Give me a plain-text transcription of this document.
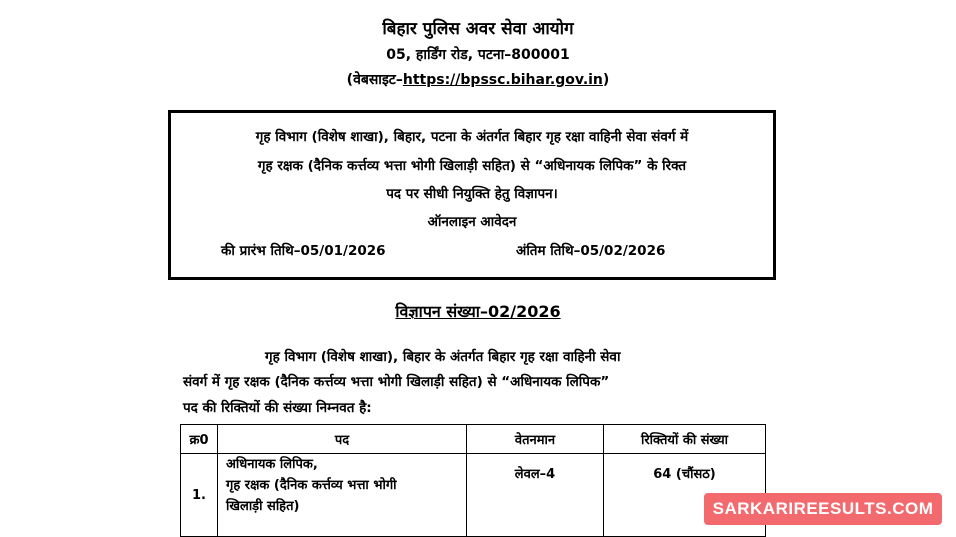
बिहार पुलिस अवर सेवा आयोग
05, हार्डिंग रोड, पटना–800001
(वेबसाइट–https://bpssc.bihar.gov.in)
गृह विभाग (विशेष शाखा), बिहार, पटना के अंतर्गत बिहार गृह रक्षा वाहिनी सेवा संवर्ग में
गृह रक्षक (दैनिक कर्त्तव्य भत्ता भोगी खिलाड़ी सहित) से “अधिनायक लिपिक” के रिक्त
पद पर सीधी नियुक्ति हेतु विज्ञापन।
ऑनलाइन आवेदन
की प्रारंभ तिथि–05/01/2026	अंतिम तिथि–05/02/2026
विज्ञापन संख्या–02/2026
गृह विभाग (विशेष शाखा), बिहार के अंतर्गत बिहार गृह रक्षा वाहिनी सेवा
संवर्ग में गृह रक्षक (दैनिक कर्त्तव्य भत्ता भोगी खिलाड़ी सहित) से “अधिनायक लिपिक”
पद की रिक्तियों की संख्या निम्नवत है:
क्र0	पद	वेतनमान	रिक्तियों की संख्या
1.	अधिनायक लिपिक,
गृह रक्षक (दैनिक कर्त्तव्य भत्ता भोगी
खिलाड़ी सहित)	लेवल–4	64 (चौंसठ)
SARKARIREESULTS.COM
